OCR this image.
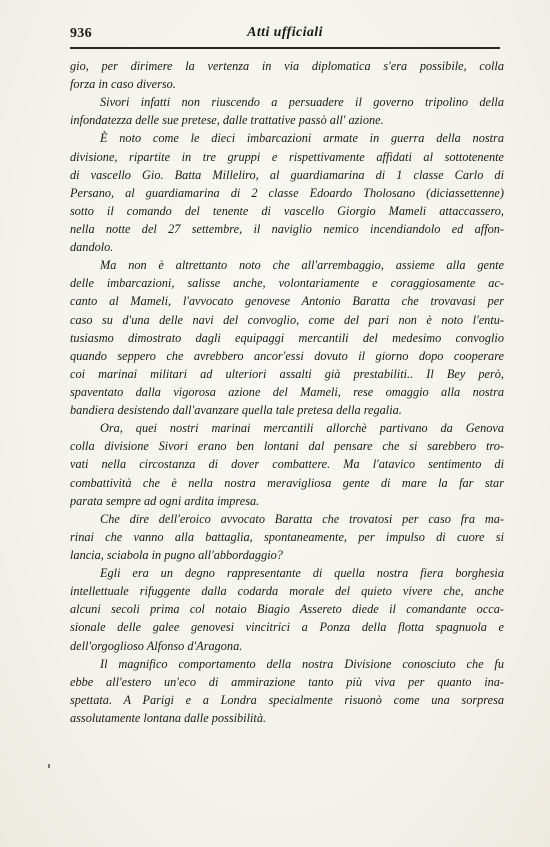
936	Atti ufficiali
gio, per dirimere la vertenza in via diplomatica s'era possibile, colla
forza in caso diverso.
Sivori infatti non riuscendo a persuadere il governo tripolino della
infondatezza delle sue pretese, dalle trattative passò all' azione.
È noto come le dieci imbarcazioni armate in guerra della nostra
divisione, ripartite in tre gruppi e rispettivamente affidati al sottotenente
di vascello Gio. Batta Milleliro, al guardiamarina di 1 classe Carlo di
Persano, al guardiamarina di 2 classe Edoardo Tholosano (diciassettenne)
sotto il comando del tenente di vascello Giorgio Mameli attaccassero,
nella notte del 27 settembre, il naviglio nemico incendiandolo ed affon-
dandolo.
Ma non è altrettanto noto che all'arrembaggio, assieme alla gente
delle imbarcazioni, salisse anche, volontariamente e coraggiosamente ac-
canto al Mameli, l'avvocato genovese Antonio Baratta che trovavasi per
caso su d'una delle navi del convoglio, come del pari non è noto l'entu-
tusiasmo dimostrato dagli equipaggi mercantili del medesimo convoglio
quando seppero che avrebbero ancor'essi dovuto il giorno dopo cooperare
coi marinai militari ad ulteriori assalti già prestabiliti.. Il Bey però,
spaventato dalla vigorosa azione del Mameli, rese omaggio alla nostra
bandiera desistendo dall'avanzare quella tale pretesa della regalia.
Ora, quei nostri marinai mercantili allorchè partivano da Genova
colla divisione Sivori erano ben lontani dal pensare che si sarebbero tro-
vati nella circostanza di dover combattere. Ma l'atavico sentimento di
combattività che è nella nostra meravigliosa gente di mare la far star
parata sempre ad ogni ardita impresa.
Che dire dell'eroico avvocato Baratta che trovatosi per caso fra ma-
rinai che vanno alla battaglia, spontaneamente, per impulso di cuore si
lancia, sciabola in pugno all'abbordaggio?
Egli era un degno rappresentante di quella nostra fiera borghesia
intellettuale rifuggente dalla codarda morale del quieto vivere che, anche
alcuni secoli prima col notaio Biagio Assereto diede il comandante occa-
sionale delle galee genovesi vincitrici a Ponza della flotta spagnuola e
dell'orgoglioso Alfonso d'Aragona.
Il magnifico comportamento della nostra Divisione conosciuto che fu
ebbe all'estero un'eco di ammirazione tanto più viva per quanto ina-
spettata. A Parigi e a Londra specialmente risuonò come una sorpresa
assolutamente lontana dalle possibilità.
